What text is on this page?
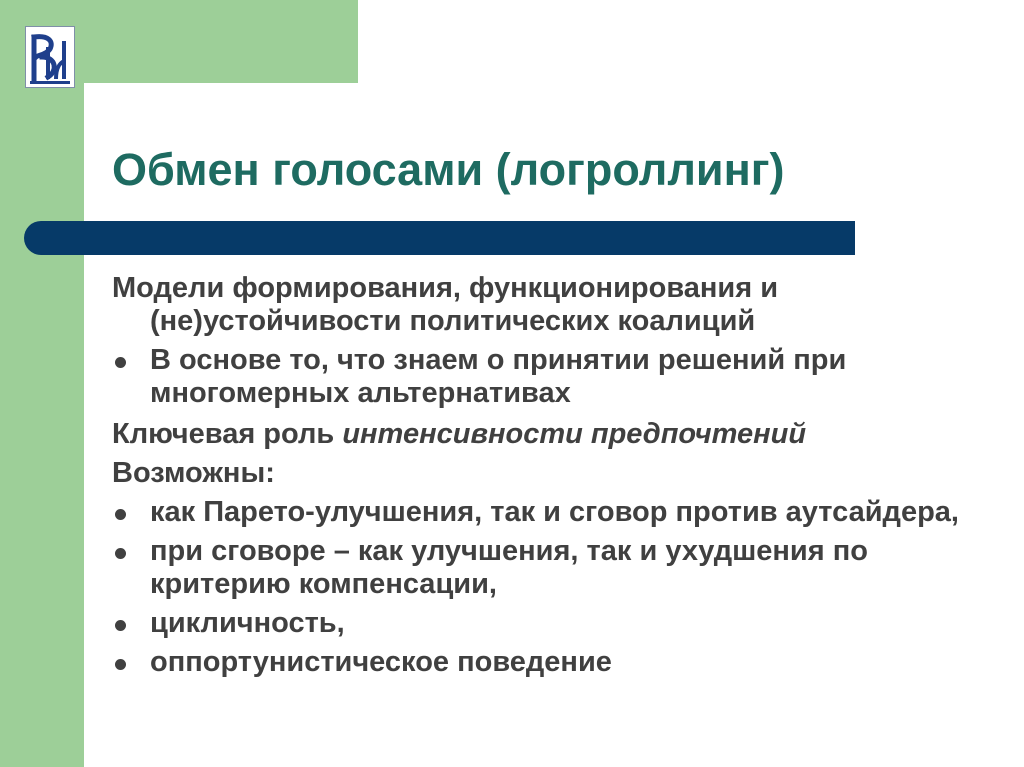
Обмен голосами (логроллинг)

Модели формирования, функционирования и (не)устойчивости политических коалиций

В основе то, что знаем о принятии решений при многомерных альтернативах

Ключевая роль интенсивности предпочтений

Возможны:

как Парето-улучшения, так и сговор против аутсайдера,
при сговоре – как улучшения, так и ухудшения по критерию компенсации,
цикличность,
оппортунистическое поведение
